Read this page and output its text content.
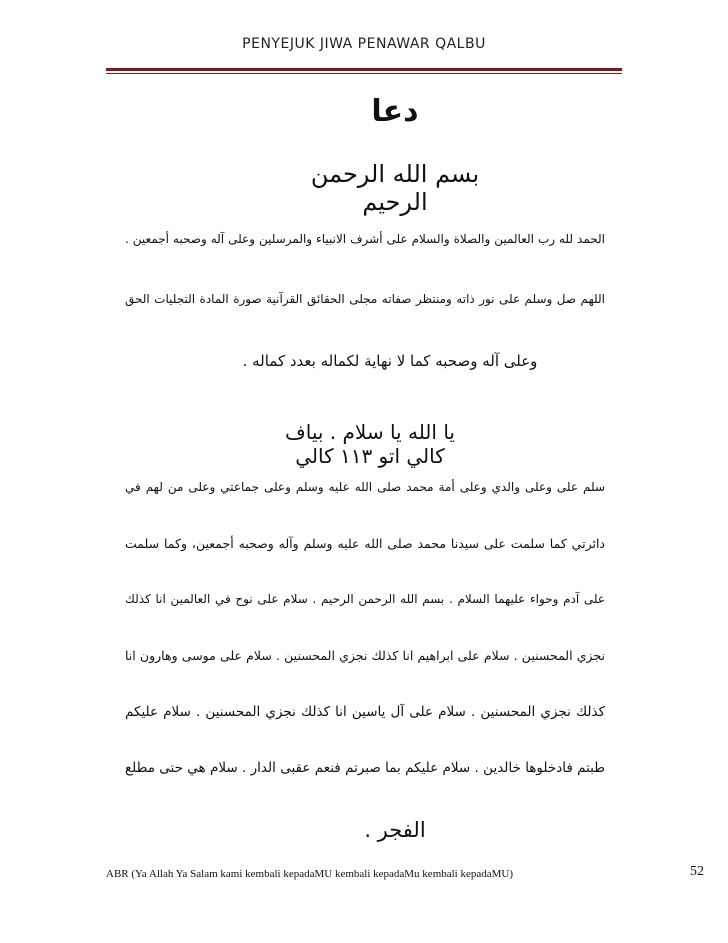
PENYEJUK JIWA PENAWAR QALBU
دعا
بسم الله الرحمن الرحيم
الحمد لله رب العالمين والصلاة والسلام على أشرف الانبياء والمرسلين وعلى آله وصحبه أجمعين .
اللهم صل وسلم على نور ذاته ومنتظر صفاته مجلى الحقائق القرآنية صورة المادة التجليات الحق
وعلى آله وصحبه كما لا نهاية لكماله بعدد كماله .
يا الله يا سلام . بياف كالي اتو ١١٣ كالي
سلم على وعلى والدي وعلى أمة محمد صلى الله عليه وسلم وعلى جماعتي وعلى من لهم في
دائرتي كما سلمت على سيدنا محمد صلى الله عليه وسلم وآله وصحبه أجمعين، وكما سلمت
على آدم وحواء عليهما السلام . بسم الله الرحمن الرحيم . سلام على نوح في العالمين انا كذلك
نجزي المحسنين . سلام على ابراهيم انا كذلك نجزي المحسنين . سلام على موسى وهارون انا
كذلك نجزي المحسنين . سلام على آل ياسين انا كذلك نجزي المحسنين . سلام عليكم
طبتم فادخلوها خالدين . سلام عليكم بما صبرتم فنعم عقبى الدار . سلام هي حتى مطلع
الفجر .
ABR (Ya Allah Ya Salam kami kembali kepadaMU kembali kepadaMu kembali kepadaMU)	52
